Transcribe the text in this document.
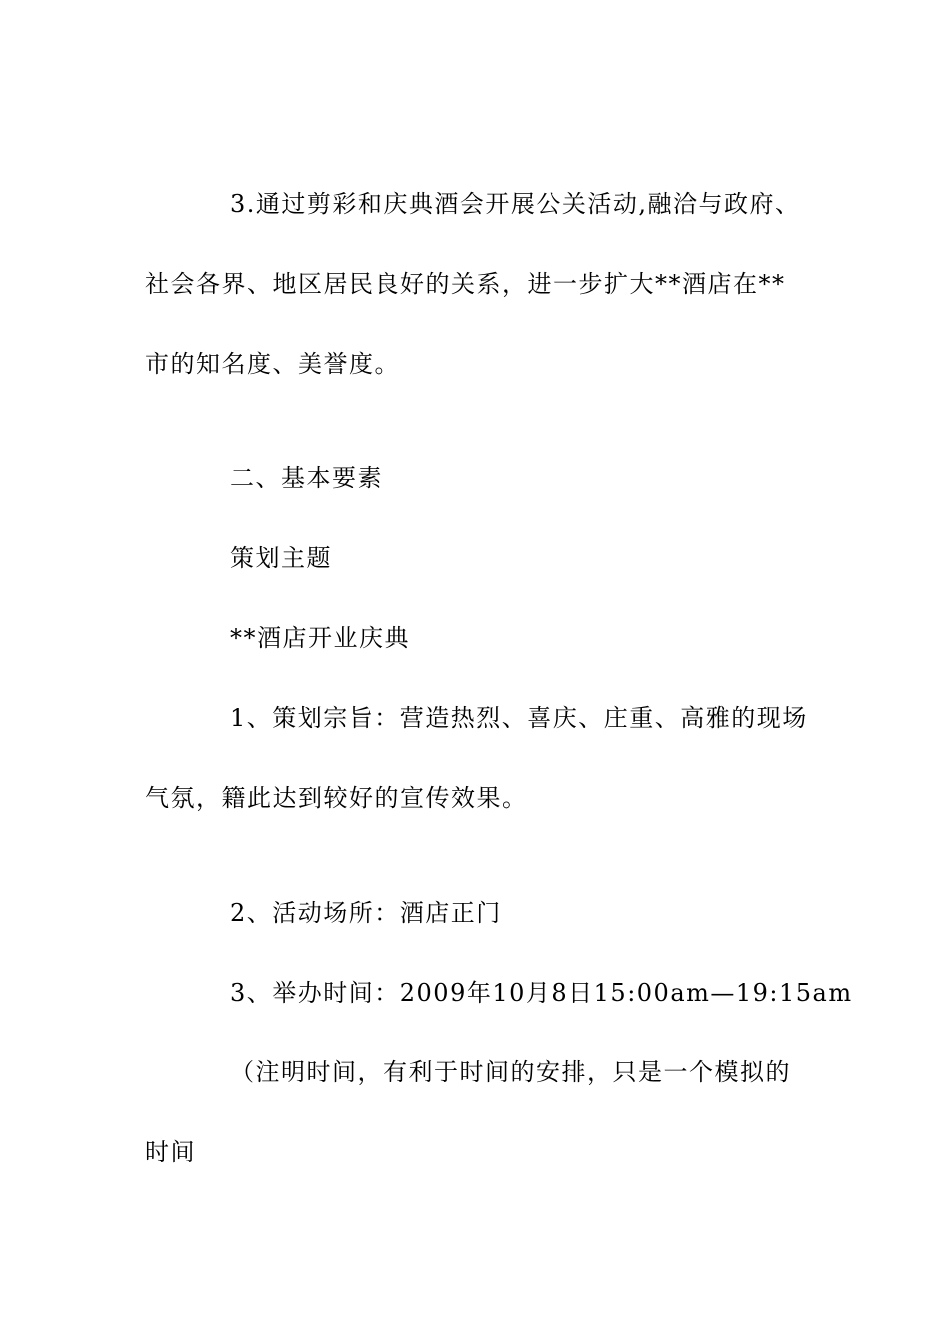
3.通过剪彩和庆典酒会开展公关活动,融洽与政府、
社会各界、地区居民良好的关系，进一步扩大**酒店在**
市的知名度、美誉度。
二、基本要素
策划主题
**酒店开业庆典
1、策划宗旨：营造热烈、喜庆、庄重、高雅的现场
气氛，籍此达到较好的宣传效果。
2、活动场所：酒店正门
3、举办时间：2009年10月8日15:00am—19:15am
（注明时间，有利于时间的安排，只是一个模拟的
时间
